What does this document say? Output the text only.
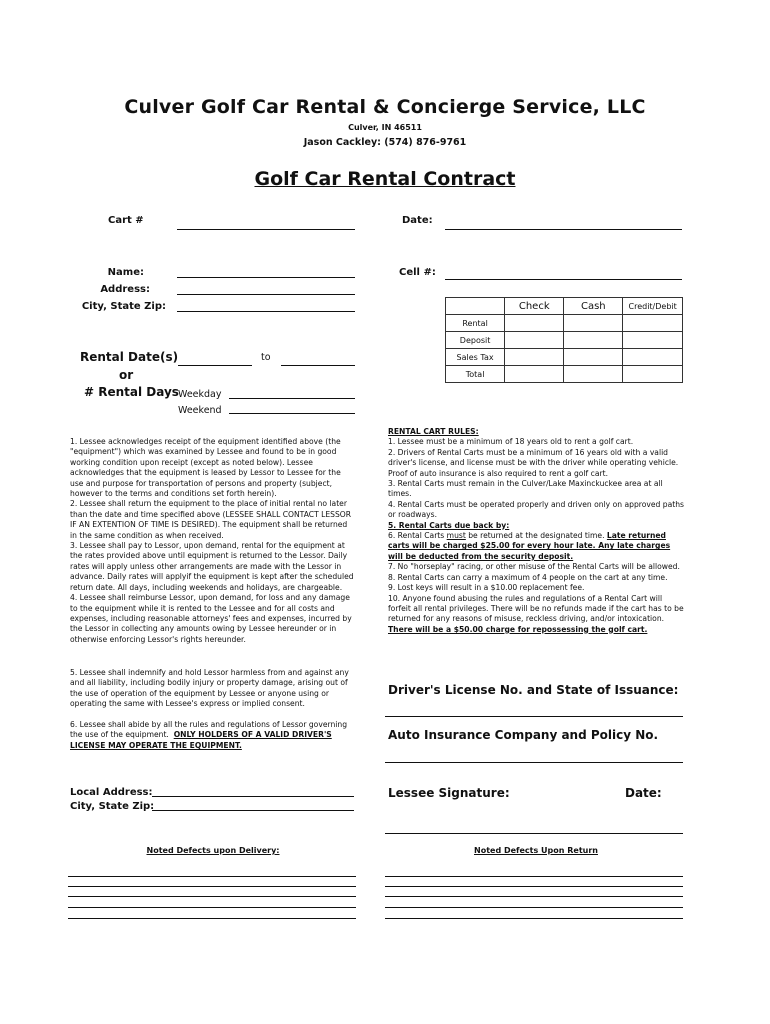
Culver Golf Car Rental & Concierge Service, LLC
Culver, IN 46511
Jason Cackley: (574) 876-9761
Golf Car Rental Contract
Cart #	Date:
Name:	Cell #:
Address:
City, State Zip:
		Check	Cash	Credit/Debit
Rental			
Deposit			
Sales Tax			
Total			
Rental Date(s)	to
or
# Rental Days Weekday
Weekend
1. Lessee acknowledges receipt of the equipment identified above (the "equipment") which was examined by Lessee and found to be in good working condition upon receipt (except as noted below). Lessee acknowledges that the equipment is leased by Lessor to Lessee for the use and purpose for transportation of persons and property (subject, however to the terms and conditions set forth herein).
2. Lessee shall return the equipment to the place of initial rental no later than the date and time specified above (LESSEE SHALL CONTACT LESSOR IF AN EXTENTION OF TIME IS DESIRED). The equipment shall be returned in the same condition as when received.
3. Lessee shall pay to Lessor, upon demand, rental for the equipment at the rates provided above until equipment is returned to the Lessor. Daily rates will apply unless other arrangements are made with the Lessor in advance. Daily rates will applyif the equipment is kept after the scheduled return date. All days, including weekends and holidays, are chargeable.
4. Lessee shall reimburse Lessor, upon demand, for loss and any damage to the equipment while it is rented to the Lessee and for all costs and expenses, including reasonable attorneys' fees and expenses, incurred by the Lessor in collecting any amounts owing by Lessee hereunder or in otherwise enforcing Lessor's rights hereunder.
5. Lessee shall indemnify and hold Lessor harmless from and against any and all liability, including bodily injury or property damage, arising out of the use of operation of the equipment by Lessee or anyone using or operating the same with Lessee's express or implied consent.
6. Lessee shall abide by all the rules and regulations of Lessor governing the use of the equipment. ONLY HOLDERS OF A VALID DRIVER'S LICENSE MAY OPERATE THE EQUIPMENT.
RENTAL CART RULES:
1. Lessee must be a minimum of 18 years old to rent a golf cart.
2. Drivers of Rental Carts must be a minimum of 16 years old with a valid driver's license, and license must be with the driver while operating vehicle. Proof of auto insurance is also required to rent a golf cart.
3. Rental Carts must remain in the Culver/Lake Maxinckuckee area at all times.
4. Rental Carts must be operated properly and driven only on approved paths or roadways.
5. Rental Carts due back by:
6. Rental Carts must be returned at the designated time. Late returned carts will be charged $25.00 for every hour late. Any late charges will be deducted from the security deposit.
7. No "horseplay" racing, or other misuse of the Rental Carts will be allowed.
8. Rental Carts can carry a maximum of 4 people on the cart at any time.
9. Lost keys will result in a $10.00 replacement fee.
10. Anyone found abusing the rules and regulations of a Rental Cart will forfeit all rental privileges. There will be no refunds made if the cart has to be returned for any reasons of misuse, reckless driving, and/or intoxication. There will be a $50.00 charge for repossessing the golf cart.
Driver's License No. and State of Issuance:
Auto Insurance Company and Policy No.
Lessee Signature:	Date:
Local Address:
City, State Zip:
Noted Defects upon Delivery:	Noted Defects Upon Return
